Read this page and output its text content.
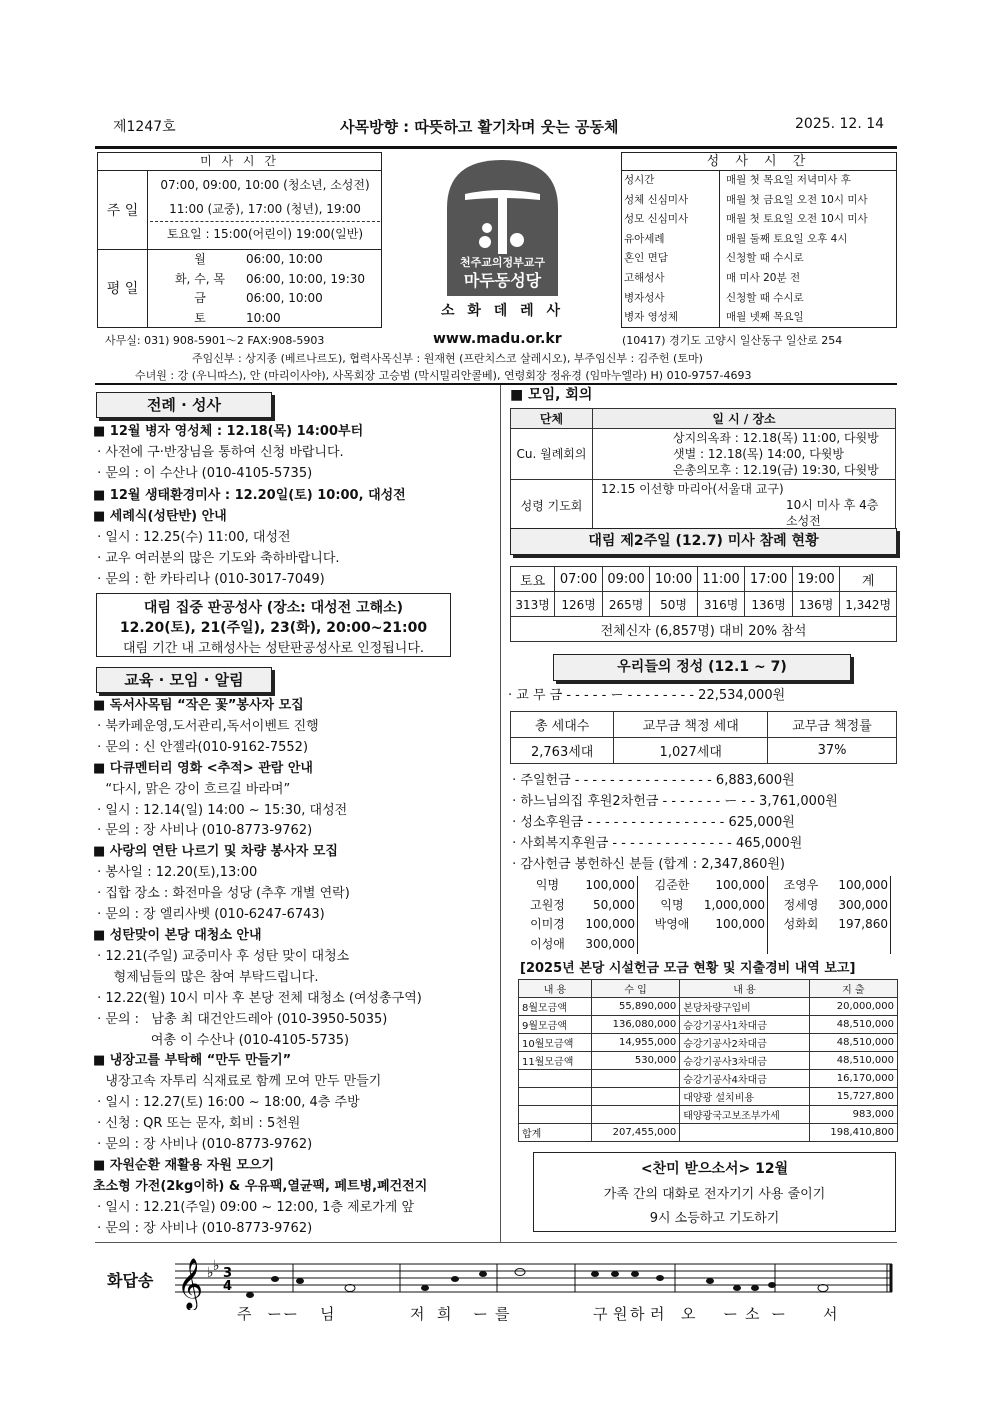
제1247호	사목방향 : 따뜻하고 활기차며 웃는 공동체	2025. 12. 14
미 사 시 간
주 일
07:00, 09:00, 10:00 (청소년, 소성전)
11:00 (교중), 17:00 (청년), 19:00
토요일 : 15:00(어린이) 19:00(일반)
평 일
월	06:00, 10:00
화, 수, 목	06:00, 10:00, 19:30
금	06:00, 10:00
토	10:00
천주교의정부교구
마두동성당
소 화 데 레 사
성 사 시 간
성시간	매월 첫 목요일 저녁미사 후
성체 신심미사	매월 첫 금요일 오전 10시 미사
성모 신심미사	매월 첫 토요일 오전 10시 미사
유아세례	매월 둘째 토요일 오후 4시
혼인 면담	신청할 때 수시로
고해성사	매 미사 20분 전
병자성사	신청할 때 수시로
병자 영성체	매월 넷째 목요일
사무실: 031) 908-5901～2 FAX:908-5903	www.madu.or.kr	(10417) 경기도 고양시 일산동구 일산로 254
주임신부 : 상지종 (베르나르도), 협력사목신부 : 원재현 (프란치스코 살레시오), 부주임신부 : 김주헌 (토마)
수녀원 : 강 (우니따스), 안 (마리이사야), 사목회장 고승범 (막시밀리안콜베), 연령회장 정유경 (임마누엘라) H) 010-9757-4693
전례 · 성사
■ 12월 병자 영성체 : 12.18(목) 14:00부터
· 사전에 구·반장님을 통하여 신청 바랍니다.
· 문의 : 이 수산나 (010-4105-5735)
■ 12월 생태환경미사 : 12.20일(토) 10:00, 대성전
■ 세례식(성탄반) 안내
· 일시 : 12.25(수) 11:00, 대성전
· 교우 여러분의 많은 기도와 축하바랍니다.
· 문의 : 한 카타리나 (010-3017-7049)
대림 집중 판공성사 (장소: 대성전 고해소)
12.20(토), 21(주일), 23(화), 20:00~21:00
대림 기간 내 고해성사는 성탄판공성사로 인정됩니다.
교육 · 모임 · 알림
■ 독서사목팀 “작은 꽃”봉사자 모집
· 북카페운영,도서관리,독서이벤트 진행
· 문의 : 신 안젤라(010-9162-7552)
■ 다큐멘터리 영화 <추적> 관람 안내
“다시, 맑은 강이 흐르길 바라며”
· 일시 : 12.14(일) 14:00 ~ 15:30, 대성전
· 문의 : 장 사비나 (010-8773-9762)
■ 사랑의 연탄 나르기 및 차량 봉사자 모집
· 봉사일 : 12.20(토),13:00
· 집합 장소 : 화전마을 성당 (추후 개별 연락)
· 문의 : 장 엘리사벳 (010-6247-6743)
■ 성탄맞이 본당 대청소 안내
· 12.21(주일) 교중미사 후 성탄 맞이 대청소
형제님들의 많은 참여 부탁드립니다.
· 12.22(월) 10시 미사 후 본당 전체 대청소 (여성총구역)
· 문의 :   남총 최 대건안드레아 (010-3950-5035)
여총 이 수산나 (010-4105-5735)
■ 냉장고를 부탁해 “만두 만들기”
냉장고속 자투리 식재료로 함께 모여 만두 만들기
· 일시 : 12.27(토) 16:00 ~ 18:00, 4층 주방
· 신청 : QR 또는 문자, 회비 : 5천원
· 문의 : 장 사비나 (010-8773-9762)
■ 자원순환 재활용 자원 모으기
초소형 가전(2kg이하) & 우유팩,열균팩, 페트병,폐건전지
· 일시 : 12.21(주일) 09:00 ~ 12:00, 1층 제로가게 앞
· 문의 : 장 사비나 (010-8773-9762)
■ 모임, 회의
단체	일 시 / 장소
Cu. 월례회의	상지의옥좌 : 12.18(목) 11:00, 다윗방
샛별 : 12.18(목) 14:00, 다윗방
은총의모후 : 12.19(금) 19:30, 다윗방

성령 기도회	12.15 이선향 마리아(서울대 교구)
10시 미사 후 4층 소성전
대림 제2주일 (12.7) 미사 참례 현황
토요	07:00	09:00	10:00	11:00	17:00	19:00	계
313명	126명	265명	50명	316명	136명	136명	1,342명
전체신자 (6,857명) 대비 20% 참석							
우리들의 정성 (12.1 ~ 7)
· 교 무 금 - - - - - ー - - - - - - - - 22,534,000원
총 세대수	교무금 책정 세대	교무금 책정률
2,763세대	1,027세대	37%
· 주일헌금 - - - - - - - - - - - - - - - - 6,883,600원
· 하느님의집 후원2차헌금 - - - - - - - ー - - 3,761,000원
· 성소후원금 - - - - - - - - - - - - - - - - 625,000원
· 사회복지후원금 - - - - - - - - - - - - - - 465,000원
· 감사헌금 봉헌하신 분들 (합계 : 2,347,860원)
익명	100,000	김준한	100,000	조영우	100,000
고원정	50,000	익명	1,000,000	정세영	300,000
이미경	100,000	박영애	100,000	성화회	197,860
이성애	300,000
[2025년 본당 시설헌금 모금 현황 및 지출경비 내역 보고]
내 용	수 입	내 용	지 출
8월모금액	55,890,000	본당차량구입비	20,000,000
9월모금액	136,080,000	승강기공사1차대금	48,510,000
10월모금액	14,955,000	승강기공사2차대금	48,510,000
11월모금액	530,000	승강기공사3차대금	48,510,000
		승강기공사4차대금	16,170,000
		대양광 설치비용	15,727,800
		태양광국고보조부가세	983,000
합계	207,455,000		198,410,800
<찬미 받으소서> 12월
가족 간의 대화로 전자기기 사용 줄이기
9시 소등하고 기도하기
화답송 𝄞 ♭ ♭ 3
4
주 ー ー 님	저 희 ー 를	구 원 하 러 오 ー 소 ー 서
